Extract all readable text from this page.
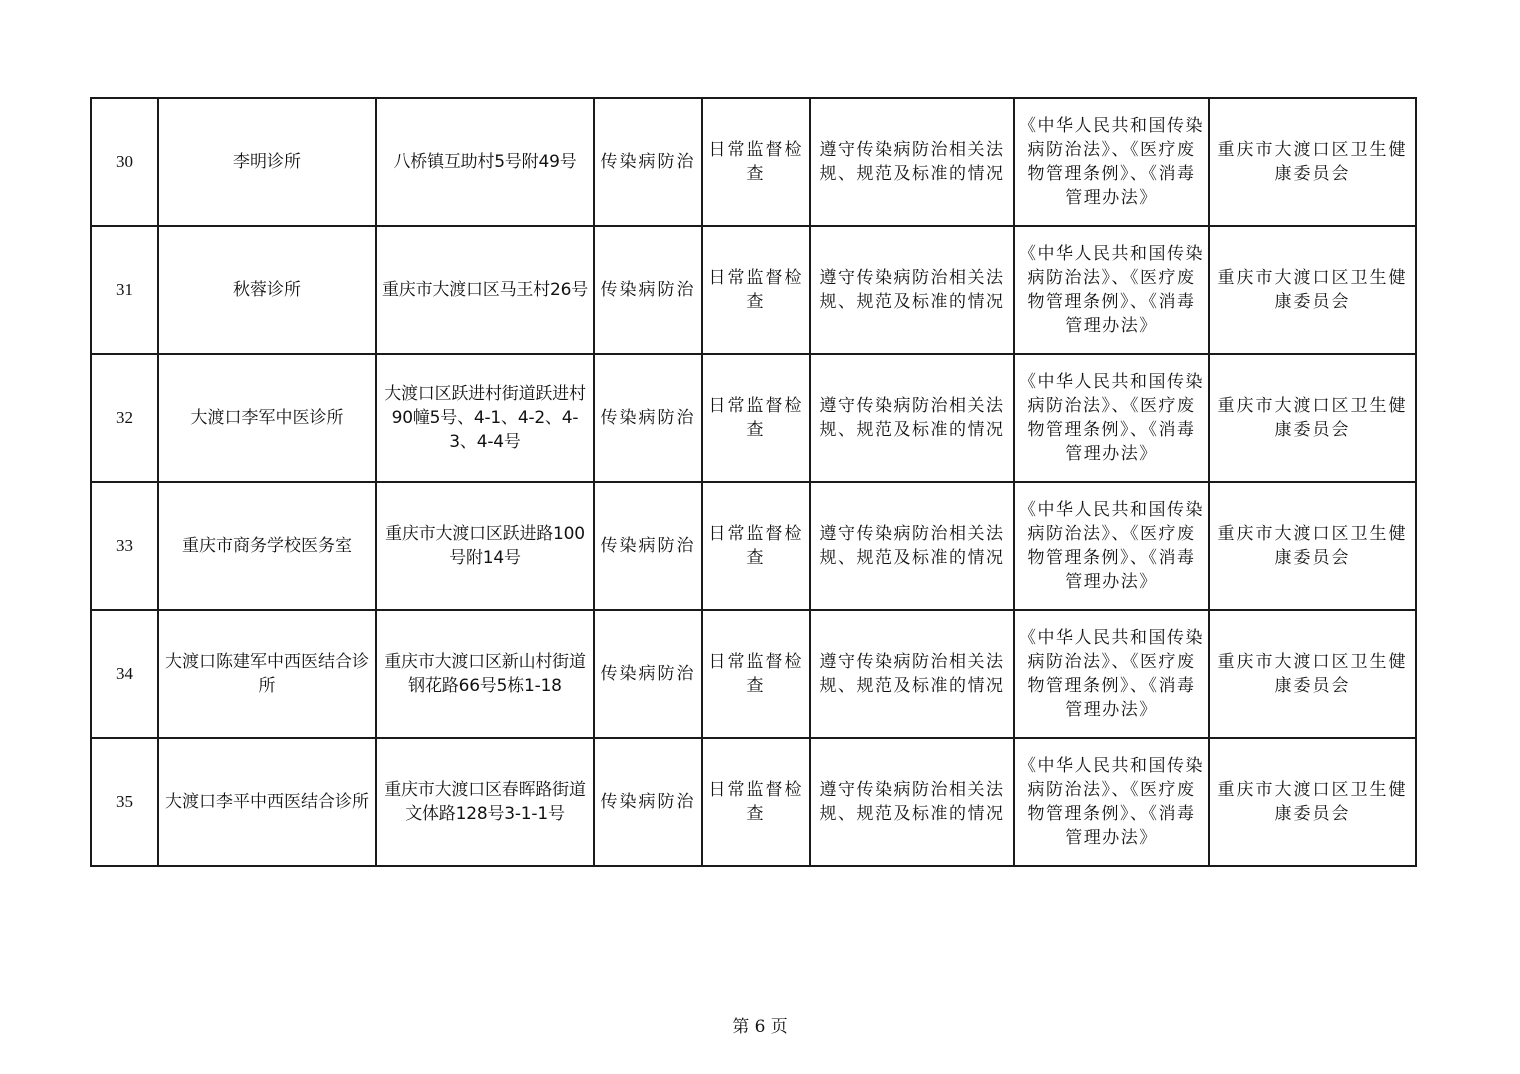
30	李明诊所	八桥镇互助村5号附49号	传染病防治	日常监督检查	遵守传染病防治相关法规、规范及标准的情况	《中华人民共和国传染病防治法》、《医疗废物管理条例》、《消毒管理办法》	重庆市大渡口区卫生健康委员会
31	秋蓉诊所	重庆市大渡口区马王村26号	传染病防治	日常监督检查	遵守传染病防治相关法规、规范及标准的情况	《中华人民共和国传染病防治法》、《医疗废物管理条例》、《消毒管理办法》	重庆市大渡口区卫生健康委员会
32	大渡口李军中医诊所	大渡口区跃进村街道跃进村90幢5号、4-1、4-2、4-3、4-4号	传染病防治	日常监督检查	遵守传染病防治相关法规、规范及标准的情况	《中华人民共和国传染病防治法》、《医疗废物管理条例》、《消毒管理办法》	重庆市大渡口区卫生健康委员会
33	重庆市商务学校医务室	重庆市大渡口区跃进路100号附14号	传染病防治	日常监督检查	遵守传染病防治相关法规、规范及标准的情况	《中华人民共和国传染病防治法》、《医疗废物管理条例》、《消毒管理办法》	重庆市大渡口区卫生健康委员会
34	大渡口陈建军中西医结合诊所	重庆市大渡口区新山村街道钢花路66号5栋1-18	传染病防治	日常监督检查	遵守传染病防治相关法规、规范及标准的情况	《中华人民共和国传染病防治法》、《医疗废物管理条例》、《消毒管理办法》	重庆市大渡口区卫生健康委员会
35	大渡口李平中西医结合诊所	重庆市大渡口区春晖路街道文体路128号3-1-1号	传染病防治	日常监督检查	遵守传染病防治相关法规、规范及标准的情况	《中华人民共和国传染病防治法》、《医疗废物管理条例》、《消毒管理办法》	重庆市大渡口区卫生健康委员会
第 6 页
